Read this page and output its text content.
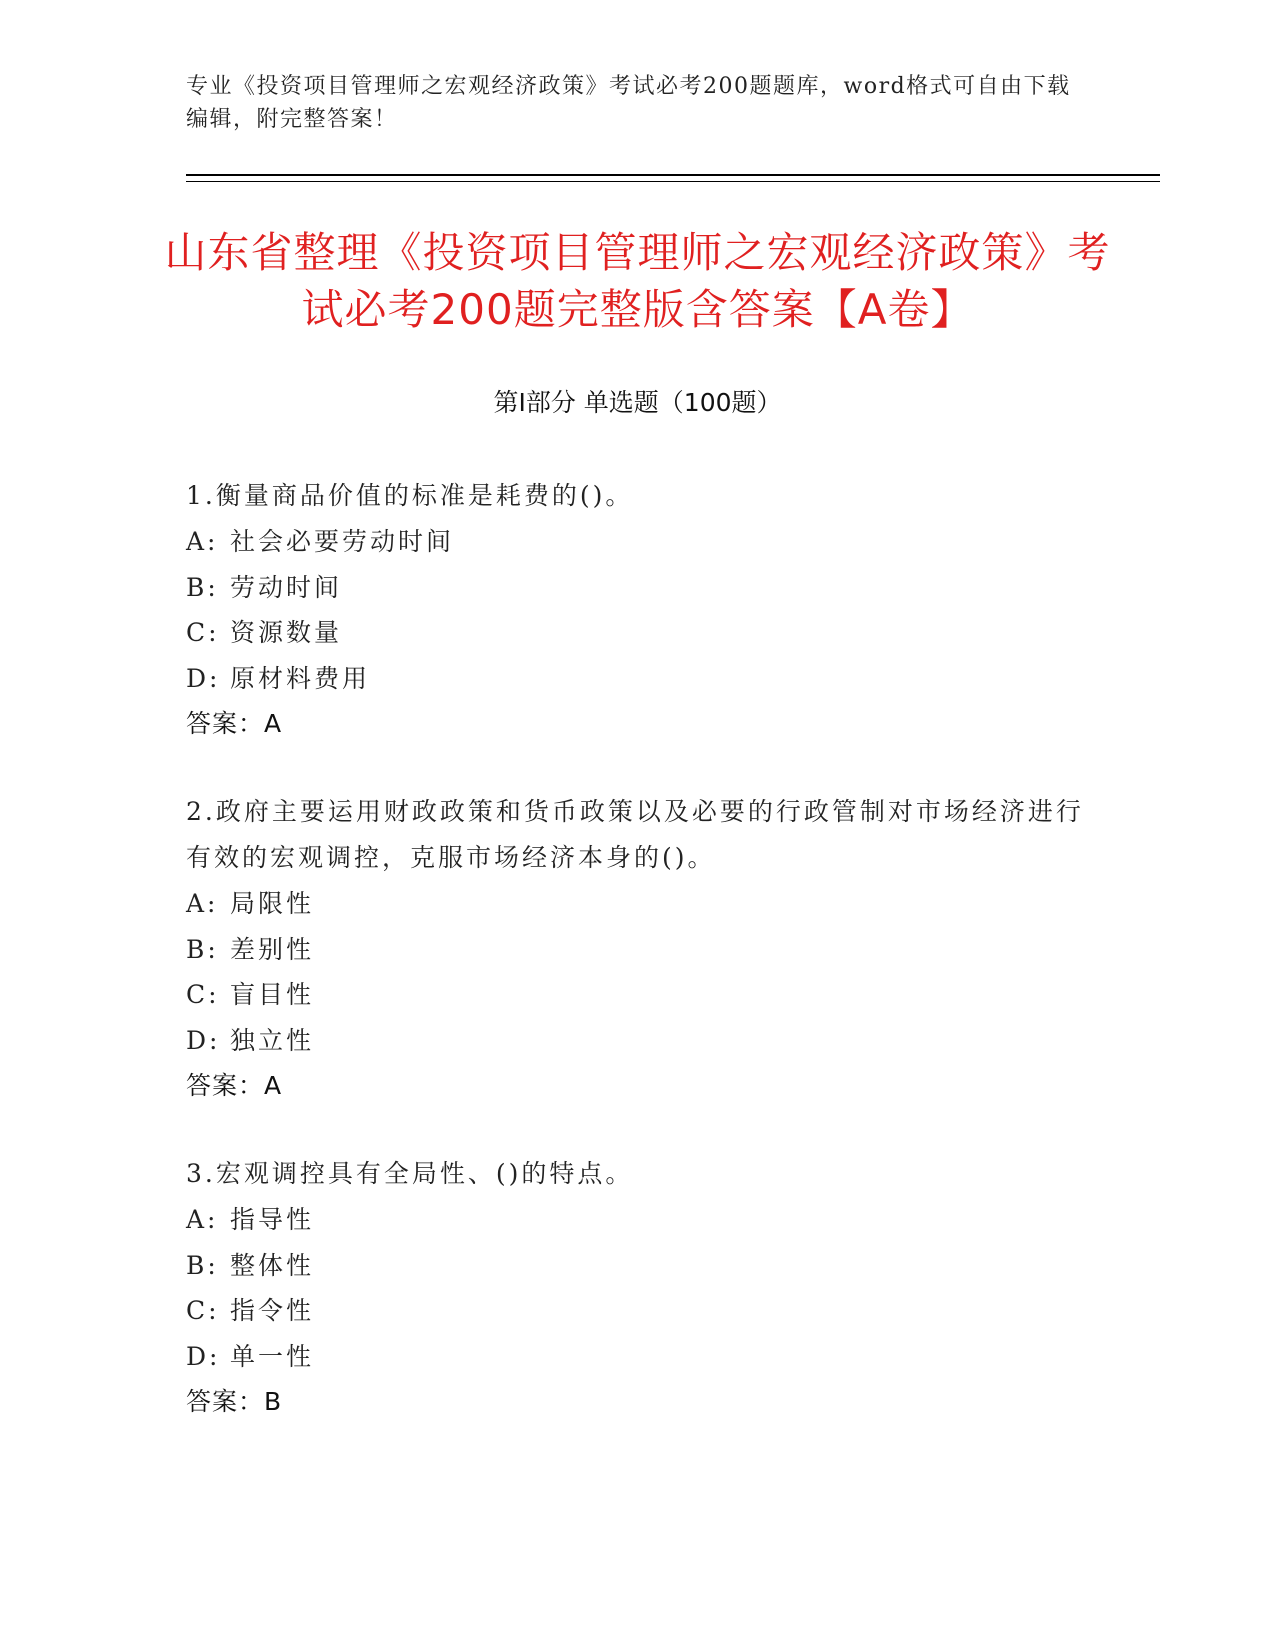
专业《投资项目管理师之宏观经济政策》考试必考200题题库，word格式可自由下载编辑，附完整答案！
山东省整理《投资项目管理师之宏观经济政策》考试必考200题完整版含答案【A卷】
第I部分 单选题（100题）

1.衡量商品价值的标准是耗费的()。

A: 社会必要劳动时间

B: 劳动时间

C: 资源数量

D: 原材料费用

答案：A

2.政府主要运用财政政策和货币政策以及必要的行政管制对市场经济进行有效的宏观调控，克服市场经济本身的()。

A: 局限性

B: 差别性

C: 盲目性

D: 独立性

答案：A

3.宏观调控具有全局性、()的特点。

A: 指导性

B: 整体性

C: 指令性

D: 单一性

答案：B
